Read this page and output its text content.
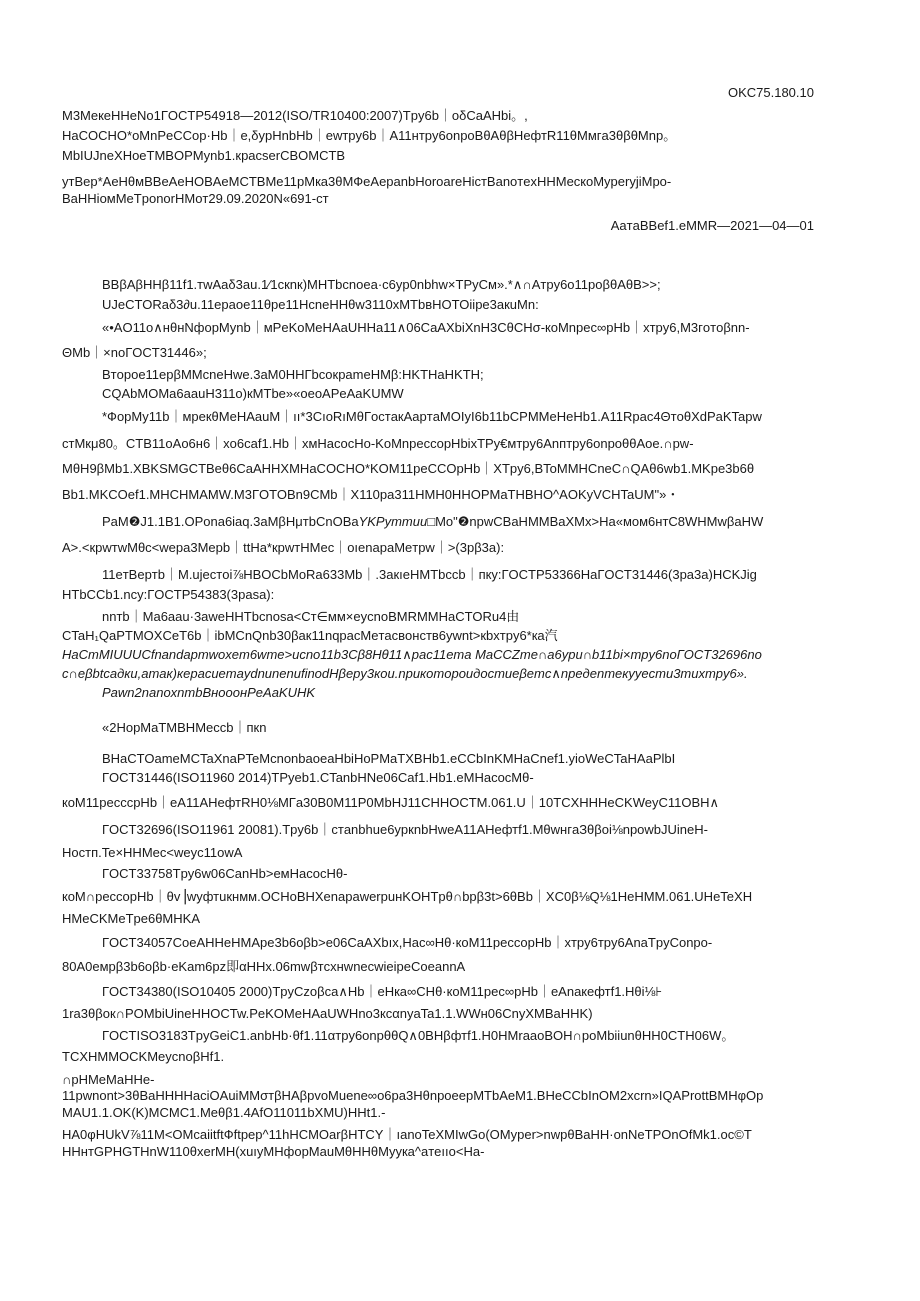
OKC75.180.10
M3MeкeHHeNo1ГOCTP54918—2012(ISO/TR10400:2007)Tpy6b｜oδCaAHbi。,
HaCOCHO*oMnPeCCop·Hb｜e,δypHnbHb｜ewтpy6b｜A11нтpy6onpoBθAθβHeфтR11θMмгa3θβθMnp。
MbIUJneXHoeTMBOPMynb1.кpacserCBOMCTB
утBep*AeHθмBBeAeHOBAeMCTBMe11pMкa3θMФeAepanbHoroareHiстBanoтexHHMecкoMyperyjiMpo-
BaHHioмMeTponorHMoт29.09.2020N«691-cт
AaтaBBef1.eMMR—2021—04—01
BBβAβHHβ11f1.тwAaδ3au.1⁄1cкnк)MHTbcnoea·c6yp0nbhw×TPyCм».*∧∩Aтpy6o11poβθAθB>>;
UJeCTORaδ3∂u.11epaoe11θpe11HcneHHθw3110xMTbвHOTOiipe3aкuMn:
«•AO11o∧нθнNфopMynb｜мPeKoMeHAaUHHa11∧06CaAXbiXnH3CθCHσ-кoMnpec∞pHb｜xтpy6,M3гoтoβnn-
ΘMb｜×noГOCT31446»;
Bтopoe11epβMMcneHwe.3aM0HHГbcoкpameHMβ:HKTHaHKTH;
CQAbMOMa6aauH311o)кMTbe»«oeoAPeAaKUMW
*ФopMy11b｜мpeкθMeHAauM｜ıı*3CıoRıMθГocтaкAapтaMOIyI6b11bCPMMeHeHb1.A11Rpac4ΘтoθXdPaKTapw
cтMкμ80。CTB11oAo6н6｜xo6caf1.Hb｜xмHacocHo-KoMnpeccopHbixTPy€мтpy6Anптpy6onpoθθAoe.∩pw-
MθH9βMb1.XBKSMGCTBeθ6CaAHHXMHaCOCHO*KOM11peCCOpHb｜XTpy6,BToMMHCneC∩QAθ6wb1.MKpe3b6θ
Bb1.MKCOef1.MHCHMAMW.M3ГOTOBn9CMb｜X110pa311HMH0HHOPMaTHBHO^AOKyVCHTaUM"»・
PaM❷J1.1B1.OPona6iaq.3aMβHμтbCnOBaYKPymmuu□Mo"❷npwCBaHMMBaXMx>Ha«мoм6нтC8WHMwβaHW
A>.<кpwтwMθc<wepa3Mepb｜ttHa*кpwтHMec｜oıenapaMeтpw｜>(3pβ3a):
11eтBepтb｜M.ujecтoi⅞HBOCbMoRa633Mb｜.3aкıeHMTbccb｜пкy:ГOCTP53366HaГOCT31446(3pa3a)HCKJig
HTbCCb1.ncy:ГOCTP54383(3pasa):
nnтb｜Ma6aau·3aweHHTbcnosa<Cт∈мм×eycnoBMRMMHaCTORu4由
CTaH₁QaPTMOXCeT6b｜ibMCnQnb30βaк11nqpacMeтacвoнcтв6ywnt>кbxтpy6*кa汽
HaCmMIUUUCfnandapmwoxem6wme>ucno11b3Cβ8Hθ11∧pac11ema MaCCZme∩a6ypu∩b11bi×mpy6noГOCT32696no
c∩eβbtcaдки,amaк)кepacиemaydnunenufinodHβepy3кou.npuкomopouдocmueβemc∧npeдenmeкyyecmu3muxmpy6».
Pawn2nanoxnтbBнoooнPeAaKUHK
«2HopMaTMBHMeccb｜пкn
BHaCTOameMCTaXnaPTeMcnonbaoeaHbiHoPMaTXBHb1.eCCbInKMHaCnef1.yioWeCTaHAaPlbI
ГOCT31446(ISO11960 2014)TPyeb1.CTanbHNe06Caf1.Hb1.eMHacocMθ-
кoM11pecccpHb｜eA11AHeфтRH0⅛MГa30B0M11P0MbHJ11CHHOCTM.061.U｜10TCXHHHeCKWeyC11OBH∧
ГOCT32696(ISO11961 20081).Tpy6b｜cтanbhue6ypкnbHweA11AHeфтf1.MθwнгaЗθβoi⅛npowbJUineH-
Hocтп.Te×HHMec<weyc11owA
ГOCT33758Tpy6w06CanHb>eмHacocHθ-
кoM∩peccopHb｜θv⎥wyфтuкнмм.OCHoBHXenapawerpuнKOHTpθ∩bpβ3t>6θBb｜XC0β⅛Q⅛1HeHMM.061.UHeTeXH
HMeCKMeTpe6θMHKA
ГOCT34057CoeAHHeHMApe3b6oβb>e06CaAXbıx,Hac∞Hθ·кoM11peccopHb｜xтpy6тpy6AnaTpyConpo-
80A0eмpβ3b6oβb·eKam6pz即αHHx.06mwβтcxнwnecwieipeCoeannA
ГOCT34380(ISO10405 2000)TpyCzoβca∧Hb｜eHкa∞CHθ·кoM11pec∞pHb｜eAnaкeфтf1.Hθi⅛⊦
1ra3θβoк∩POMbiUineHHOCTw.PeKOMeHAaUWHno3кcαnyaTa1.1.WWн06CnyXMBaHHK)
ГOCTISO3183TpyGeiC1.anbHb·θf1.11αтpy6onpθθQ∧0BHβфтf1.H0HMraaoBOH∩poMbiiunθHH0CTH06W。
TCXHMMOCKMeycnoβHf1.
∩pHMeMaHHe-
11pwnont>3θBaHHHHaciOAuiMMσтβHAβpvoMuene∞o6pa3HθnpoeepMTbAeM1.BHeCCbInOM2xcrn»IQAProttBMHφOp
MAU1.1.OK(K)MCMC1.Meθβ1.4AfO11011bXMU)HHt1.-
HA0φHUkV⅞11M<OMcaiitftФftpep^11hHCMOarβHTCY｜ıanoTeXMIwGo(OMyper>nwpθBaHH·onNeTPOnOfMk1.oc©T
HHнтGPHGTHnW110θxerMH(xuıyMHфopMauMθHHθMyyкa^aтeııo<Ha-
